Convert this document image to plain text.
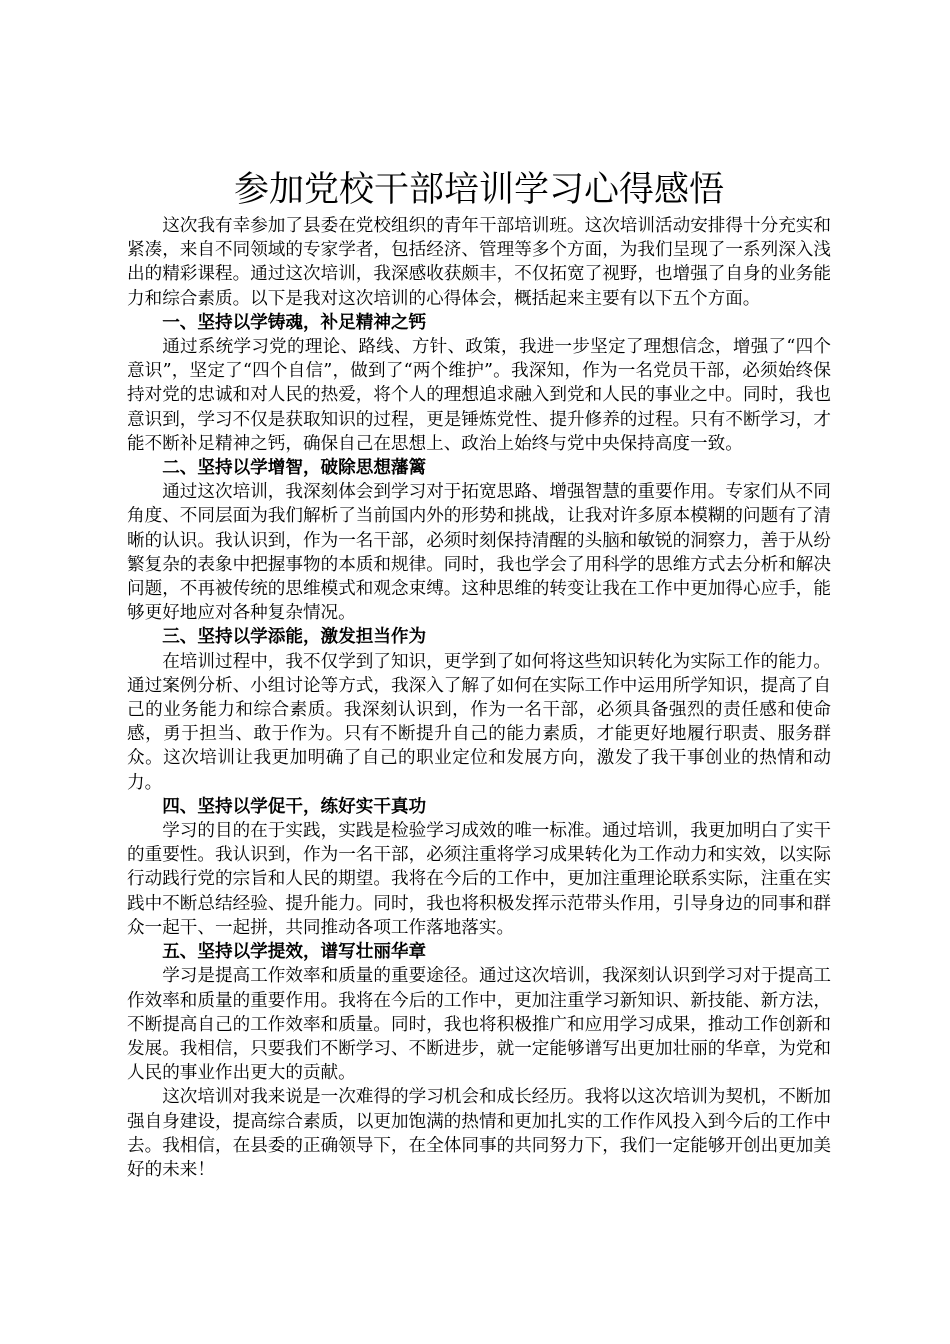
参加党校干部培训学习心得感悟

这次我有幸参加了县委在党校组织的青年干部培训班。这次培训活动安排得十分充实和紧凑，来自不同领域的专家学者，包括经济、管理等多个方面，为我们呈现了一系列深入浅出的精彩课程。通过这次培训，我深感收获颇丰，不仅拓宽了视野，也增强了自身的业务能力和综合素质。以下是我对这次培训的心得体会，概括起来主要有以下五个方面。

一、坚持以学铸魂，补足精神之钙

通过系统学习党的理论、路线、方针、政策，我进一步坚定了理想信念，增强了“四个意识”，坚定了“四个自信”，做到了“两个维护”。我深知，作为一名党员干部，必须始终保持对党的忠诚和对人民的热爱，将个人的理想追求融入到党和人民的事业之中。同时，我也意识到，学习不仅是获取知识的过程，更是锤炼党性、提升修养的过程。只有不断学习，才能不断补足精神之钙，确保自己在思想上、政治上始终与党中央保持高度一致。

二、坚持以学增智，破除思想藩篱

通过这次培训，我深刻体会到学习对于拓宽思路、增强智慧的重要作用。专家们从不同角度、不同层面为我们解析了当前国内外的形势和挑战，让我对许多原本模糊的问题有了清晰的认识。我认识到，作为一名干部，必须时刻保持清醒的头脑和敏锐的洞察力，善于从纷繁复杂的表象中把握事物的本质和规律。同时，我也学会了用科学的思维方式去分析和解决问题，不再被传统的思维模式和观念束缚。这种思维的转变让我在工作中更加得心应手，能够更好地应对各种复杂情况。

三、坚持以学添能，激发担当作为

在培训过程中，我不仅学到了知识，更学到了如何将这些知识转化为实际工作的能力。通过案例分析、小组讨论等方式，我深入了解了如何在实际工作中运用所学知识，提高了自己的业务能力和综合素质。我深刻认识到，作为一名干部，必须具备强烈的责任感和使命感，勇于担当、敢于作为。只有不断提升自己的能力素质，才能更好地履行职责、服务群众。这次培训让我更加明确了自己的职业定位和发展方向，激发了我干事创业的热情和动力。

四、坚持以学促干，练好实干真功

学习的目的在于实践，实践是检验学习成效的唯一标准。通过培训，我更加明白了实干的重要性。我认识到，作为一名干部，必须注重将学习成果转化为工作动力和实效，以实际行动践行党的宗旨和人民的期望。我将在今后的工作中，更加注重理论联系实际，注重在实践中不断总结经验、提升能力。同时，我也将积极发挥示范带头作用，引导身边的同事和群众一起干、一起拼，共同推动各项工作落地落实。

五、坚持以学提效，谱写壮丽华章

学习是提高工作效率和质量的重要途径。通过这次培训，我深刻认识到学习对于提高工作效率和质量的重要作用。我将在今后的工作中，更加注重学习新知识、新技能、新方法，不断提高自己的工作效率和质量。同时，我也将积极推广和应用学习成果，推动工作创新和发展。我相信，只要我们不断学习、不断进步，就一定能够谱写出更加壮丽的华章，为党和人民的事业作出更大的贡献。

这次培训对我来说是一次难得的学习机会和成长经历。我将以这次培训为契机，不断加强自身建设，提高综合素质，以更加饱满的热情和更加扎实的工作作风投入到今后的工作中去。我相信，在县委的正确领导下，在全体同事的共同努力下，我们一定能够开创出更加美好的未来！
